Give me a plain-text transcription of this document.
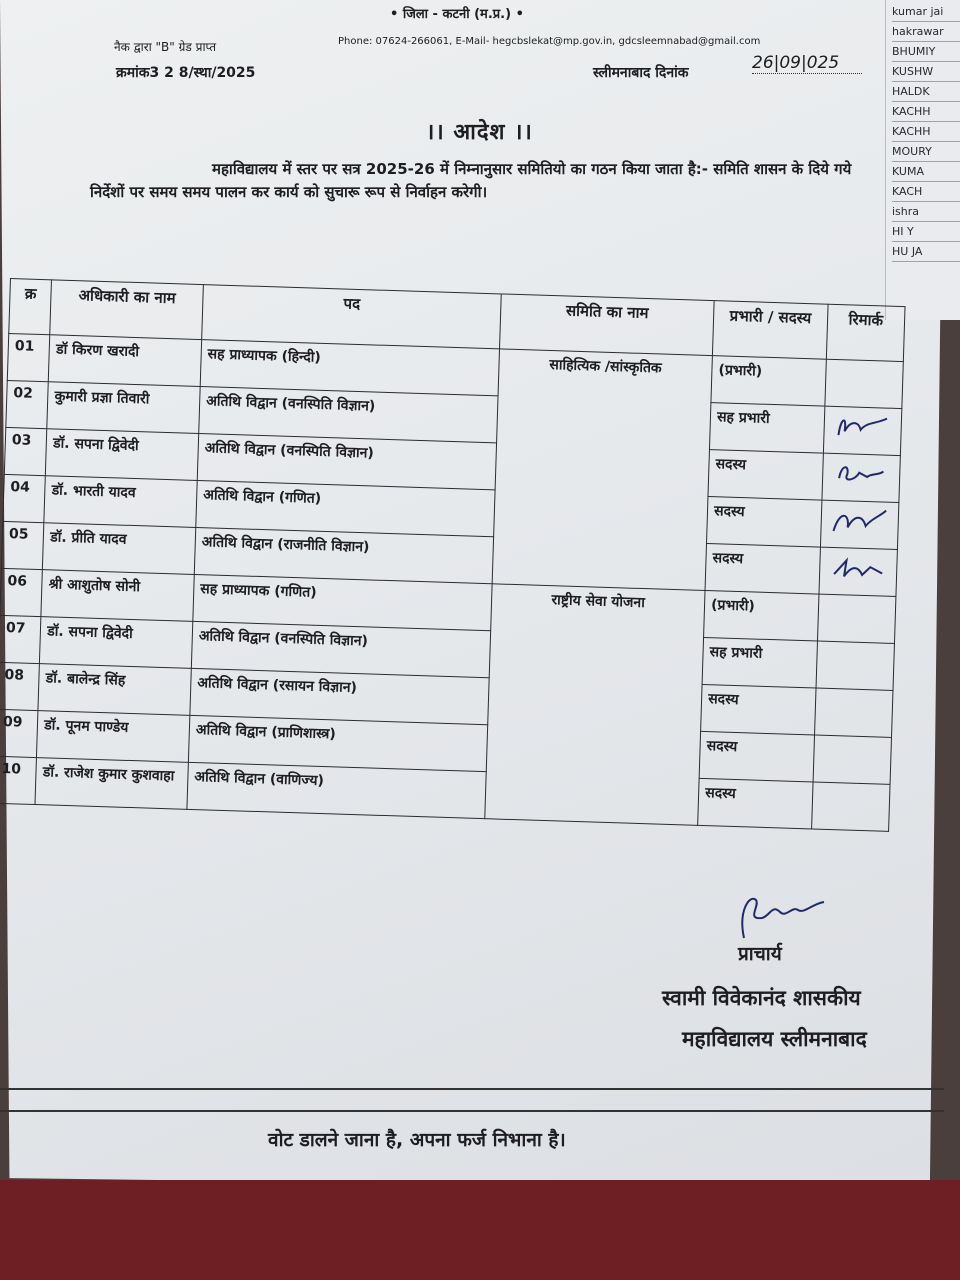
kumar jai
hakrawar
BHUMIY
KUSHW
HALDK
KACHH
KACHH
MOURY
KUMA
KACH
ishra
HI Y
HU JA
• जिला - कटनी (म.प्र.) •
नैक द्वारा "B" ग्रेड प्राप्त	Phone: 07624-266061, E-Mail- hegcbslekat@mp.gov.in, gdcsleemnabad@gmail.com
क्रमांक3 2 8/स्था/2025	स्लीमनाबाद दिनांक	26|09|025
।। आदेश ।।
महाविद्यालय में स्तर पर सत्र 2025-26 में निम्नानुसार समितियो का गठन किया जाता है:- समिति शासन के दिये गये निर्देशों पर समय समय पालन कर कार्य को सुचारू रूप से निर्वाहन करेगी।
क्र	अधिकारी का नाम	पद	समिति का नाम	प्रभारी / सदस्य	रिमार्क
01	डॉ किरण खरादी	सह प्राध्यापक (हिन्दी)	साहित्यिक /सांस्कृतिक	(प्रभारी)	
02	कुमारी प्रज्ञा तिवारी	अतिथि विद्वान (वनस्पिति विज्ञान)		सह प्रभारी	

03	डॉ. सपना द्विवेदी	अतिथि विद्वान (वनस्पिति विज्ञान)		सदस्य	

04	डॉ. भारती यादव	अतिथि विद्वान (गणित)		सदस्य	

05	डॉ. प्रीति यादव	अतिथि विद्वान (राजनीति विज्ञान)		सदस्य	

06	श्री आशुतोष सोनी	सह प्राध्यापक (गणित)	राष्ट्रीय सेवा योजना	(प्रभारी)	
07	डॉ. सपना द्विवेदी	अतिथि विद्वान (वनस्पिति विज्ञान)		सह प्रभारी	
08	डॉ. बालेन्द्र सिंह	अतिथि विद्वान (रसायन विज्ञान)		सदस्य	
09	डॉ. पूनम पाण्डेय	अतिथि विद्वान (प्राणिशास्त्र)		सदस्य	
10	डॉ. राजेश कुमार कुशवाहा	अतिथि विद्वान (वाणिज्य)		सदस्य	
प्राचार्य
स्वामी विवेकानंद शासकीय
महाविद्यालय स्लीमनाबाद
वोट डालने जाना है, अपना फर्ज निभाना है।
